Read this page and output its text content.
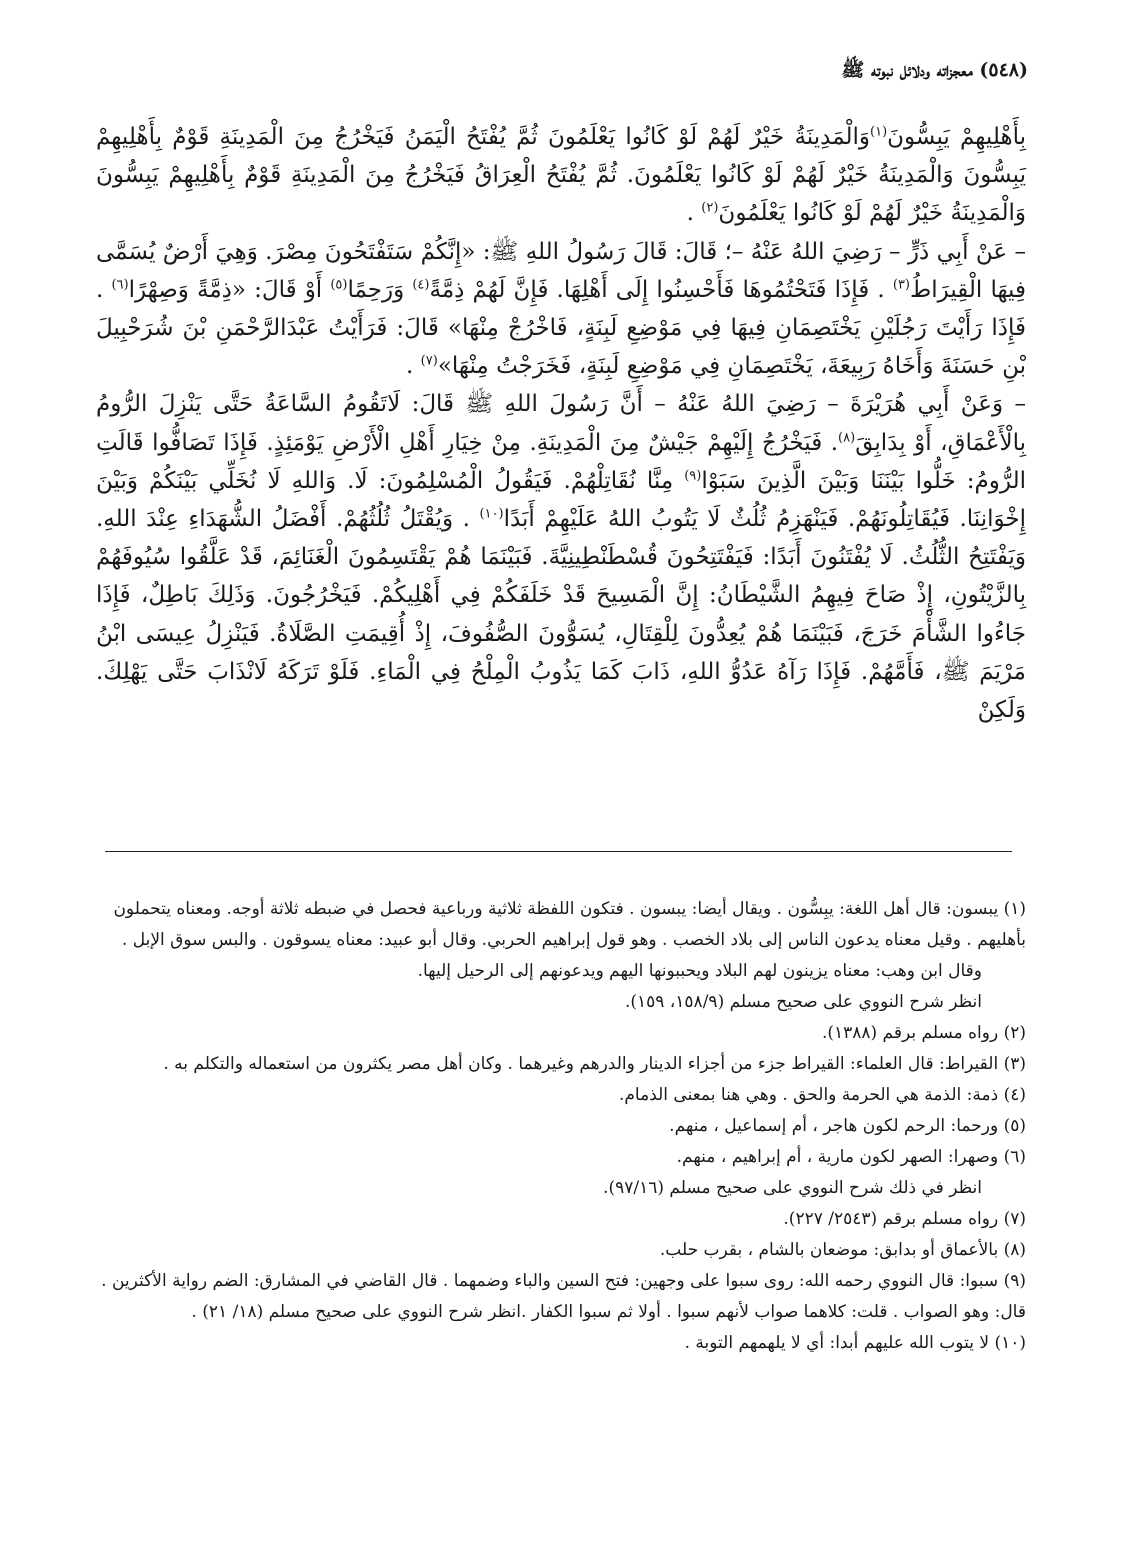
(٥٤٨) معجزاته ودلائل نبوته ﷺ

بِأَهْلِيهِمْ يَبِسُّونَ$^{(١)}$وَالْمَدِينَةُ خَيْرٌ لَهُمْ لَوْ كَانُوا يَعْلَمُونَ ثُمَّ يُفْتَحُ الْيَمَنُ فَيَخْرُجُ مِنَ الْمَدِينَةِ قَوْمٌ بِأَهْلِيهِمْ يَبِسُّونَ وَالْمَدِينَةُ خَيْرٌ لَهُمْ لَوْ كَانُوا يَعْلَمُونَ. ثُمَّ يُفْتَحُ الْعِرَاقُ فَيَخْرُجُ مِنَ الْمَدِينَةِ قَوْمٌ بِأَهْلِيهِمْ يَبِسُّونَ وَالْمَدِينَةُ خَيْرٌ لَهُمْ لَوْ كَانُوا يَعْلَمُونَ$^{(٢)}$ .

– عَنْ أَبِي ذَرٍّ – رَضِيَ اللهُ عَنْهُ –؛ قَالَ: قَالَ رَسُولُ اللهِ ﷺ: «إِنَّكُمْ سَتَفْتَحُونَ مِصْرَ. وَهِيَ أَرْضٌ يُسَمَّى فِيهَا الْقِيرَاطُ$^{(٣)}$ . فَإِذَا فَتَحْتُمُوهَا فَأَحْسِنُوا إِلَى أَهْلِهَا. فَإِنَّ لَهُمْ ذِمَّةً$^{(٤)}$ وَرَحِمًا$^{(٥)}$ أَوْ قَالَ: «ذِمَّةً وَصِهْرًا$^{(٦)}$ . فَإِذَا رَأَيْتَ رَجُلَيْنِ يَخْتَصِمَانِ فِيهَا فِي مَوْضِعِ لَبِنَةٍ، فَاخْرُجْ مِنْهَا» قَالَ: فَرَأَيْتُ عَبْدَالرَّحْمَنِ بْنَ شُرَحْبِيلَ بْنِ حَسَنَةَ وَأَخَاهُ رَبِيعَةَ، يَخْتَصِمَانِ فِي مَوْضِعِ لَبِنَةٍ، فَخَرَجْتُ مِنْهَا»$^{(٧)}$ .

– وَعَنْ أَبِي هُرَيْرَةَ – رَضِيَ اللهُ عَنْهُ – أَنَّ رَسُولَ اللهِ ﷺ قَالَ: لَاتَقُومُ السَّاعَةُ حَتَّى يَنْزِلَ الرُّومُ بِالْأَعْمَاقِ، أَوْ بِدَابِقَ$^{(٨)}$. فَيَخْرُجُ إِلَيْهِمْ جَيْشٌ مِنَ الْمَدِينَةِ. مِنْ خِيَارِ أَهْلِ الْأَرْضِ يَوْمَئِذٍ. فَإِذَا تَصَافُّوا قَالَتِ الرُّومُ: خَلُّوا بَيْنَنَا وَبَيْنَ الَّذِينَ سَبَوْا$^{(٩)}$ مِنَّا نُقَاتِلْهُمْ. فَيَقُولُ الْمُسْلِمُونَ: لَا. وَاللهِ لَا نُخَلِّي بَيْنَكُمْ وَبَيْنَ إِخْوَانِنَا. فَيُقَاتِلُونَهُمْ. فَيَنْهَزِمُ ثُلُثٌ لَا يَتُوبُ اللهُ عَلَيْهِمْ أَبَدًا$^{(١٠)}$ . وَيُقْتَلُ ثُلُثُهُمْ. أَفْضَلُ الشُّهَدَاءِ عِنْدَ اللهِ. وَيَفْتَتِحُ الثُّلُثُ. لَا يُفْتَنُونَ أَبَدًا: فَيَفْتَتِحُونَ قُسْطَنْطِينِيَّةَ. فَبَيْنَمَا هُمْ يَقْتَسِمُونَ الْغَنَائِمَ، قَدْ عَلَّقُوا سُيُوفَهُمْ بِالزَّيْتُونِ، إِذْ صَاحَ فِيهِمُ الشَّيْطَانُ: إِنَّ الْمَسِيحَ قَدْ خَلَفَكُمْ فِي أَهْلِيكُمْ. فَيَخْرُجُونَ. وَذَلِكَ بَاطِلٌ، فَإِذَا جَاءُوا الشَّأْمَ خَرَجَ، فَبَيْنَمَا هُمْ يُعِدُّونَ لِلْقِتَالِ، يُسَوُّونَ الصُّفُوفَ، إِذْ أُقِيمَتِ الصَّلَاةُ. فَيَنْزِلُ عِيسَى ابْنُ مَرْيَمَ ﷺ، فَأَمَّهُمْ. فَإِذَا رَآهُ عَدُوُّ اللهِ، ذَابَ كَمَا يَذُوبُ الْمِلْحُ فِي الْمَاءِ. فَلَوْ تَرَكَهُ لَانْذَابَ حَتَّى يَهْلِكَ. وَلَكِنْ

(١) يبسون: قال أهل اللغة: يبِسُّون . ويقال أيضا: يبسون . فتكون اللفظة ثلاثية ورباعية فحصل في ضبطه ثلاثة أوجه. ومعناه يتحملون بأهليهم . وقيل معناه يدعون الناس إلى بلاد الخصب . وهو قول إبراهيم الحربي. وقال أبو عبيد: معناه يسوقون . والبس سوق الإبل .

وقال ابن وهب: معناه يزينون لهم البلاد ويحببونها اليهم ويدعونهم إلى الرحيل إليها.

انظر شرح النووي على صحيح مسلم (١٥٨/٩، ١٥٩).

(٢) رواه مسلم برقم (١٣٨٨).

(٣) القيراط: قال العلماء: القيراط جزء من أجزاء الدينار والدرهم وغيرهما . وكان أهل مصر يكثرون من استعماله والتكلم به .

(٤) ذمة: الذمة هي الحرمة والحق . وهي هنا بمعنى الذمام.

(٥) ورحما: الرحم لكون هاجر ، أم إسماعيل ، منهم.

(٦) وصهرا: الصهر لكون مارية ، أم إبراهيم ، منهم.

انظر في ذلك شرح النووي على صحيح مسلم (٩٧/١٦).

(٧) رواه مسلم برقم (٢٥٤٣/ ٢٢٧).

(٨) بالأعماق أو بدابق: موضعان بالشام ، بقرب حلب.

(٩) سبوا: قال النووي رحمه الله: روى سبوا على وجهين: فتح السين والباء وضمهما . قال القاضي في المشارق: الضم رواية الأكثرين . قال: وهو الصواب . قلت: كلاهما صواب لأنهم سبوا . أولا ثم سبوا الكفار .انظر شرح النووي على صحيح مسلم (١٨/ ٢١) .

(١٠) لا يتوب الله عليهم أبدا: أي لا يلهمهم التوبة .
